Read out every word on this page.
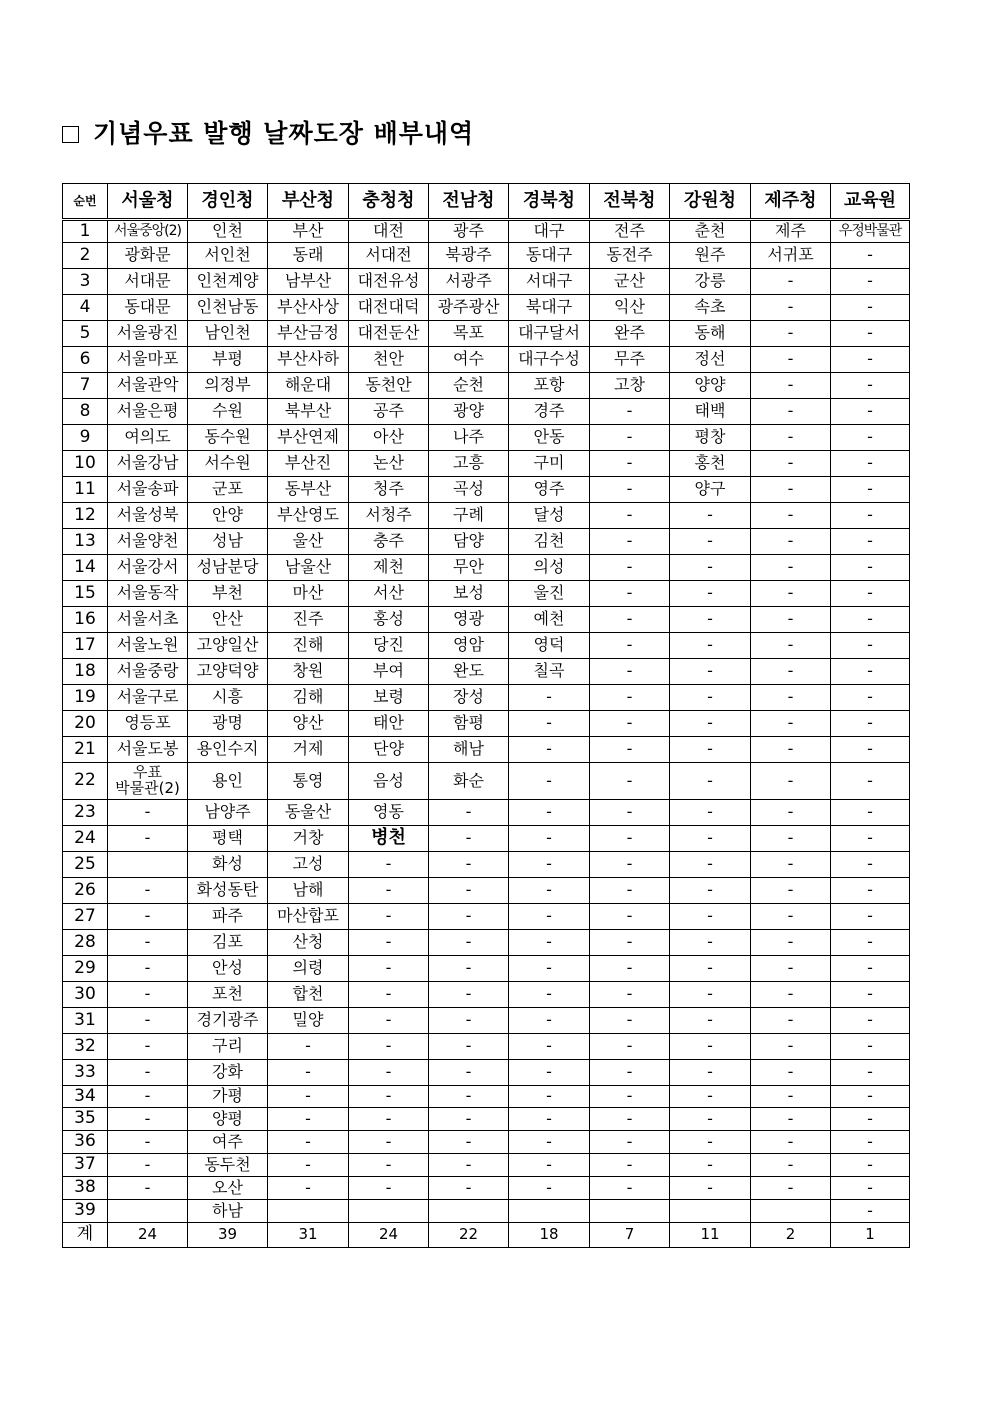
기념우표 발행 날짜도장 배부내역
순번	서울청	경인청	부산청	충청청	전남청	경북청	전북청	강원청	제주청	교육원
1	서울중앙(2)	인천	부산	대전	광주	대구	전주	춘천	제주	우정박물관
2	광화문	서인천	동래	서대전	북광주	동대구	동전주	원주	서귀포	-
3	서대문	인천계양	남부산	대전유성	서광주	서대구	군산	강릉	-	-
4	동대문	인천남동	부산사상	대전대덕	광주광산	북대구	익산	속초	-	-
5	서울광진	남인천	부산금정	대전둔산	목포	대구달서	완주	동해	-	-
6	서울마포	부평	부산사하	천안	여수	대구수성	무주	정선	-	-
7	서울관악	의정부	해운대	동천안	순천	포항	고창	양양	-	-
8	서울은평	수원	북부산	공주	광양	경주	-	태백	-	-
9	여의도	동수원	부산연제	아산	나주	안동	-	평창	-	-
10	서울강남	서수원	부산진	논산	고흥	구미	-	홍천	-	-
11	서울송파	군포	동부산	청주	곡성	영주	-	양구	-	-
12	서울성북	안양	부산영도	서청주	구례	달성	-	-	-	-
13	서울양천	성남	울산	충주	담양	김천	-	-	-	-
14	서울강서	성남분당	남울산	제천	무안	의성	-	-	-	-
15	서울동작	부천	마산	서산	보성	울진	-	-	-	-
16	서울서초	안산	진주	홍성	영광	예천	-	-	-	-
17	서울노원	고양일산	진해	당진	영암	영덕	-	-	-	-
18	서울중랑	고양덕양	창원	부여	완도	칠곡	-	-	-	-
19	서울구로	시흥	김해	보령	장성	-	-	-	-	-
20	영등포	광명	양산	태안	함평	-	-	-	-	-
21	서울도봉	용인수지	거제	단양	해남	-	-	-	-	-
22	우표
박물관(2)	용인	통영	음성	화순	-	-	-	-	-
23	-	남양주	동울산	영동	-	-	-	-	-	-
24	-	평택	거창	병천	-	-	-	-	-	-
25		화성	고성	-	-	-	-	-	-	-
26	-	화성동탄	남해	-	-	-	-	-	-	-
27	-	파주	마산합포	-	-	-	-	-	-	-
28	-	김포	산청	-	-	-	-	-	-	-
29	-	안성	의령	-	-	-	-	-	-	-
30	-	포천	합천	-	-	-	-	-	-	-
31	-	경기광주	밀양	-	-	-	-	-	-	-
32	-	구리	-	-	-	-	-	-	-	-
33	-	강화	-	-	-	-	-	-	-	-
34	-	가평	-	-	-	-	-	-	-	-
35	-	양평	-	-	-	-	-	-	-	-
36	-	여주	-	-	-	-	-	-	-	-
37	-	동두천	-	-	-	-	-	-	-	-
38	-	오산	-	-	-	-	-	-	-	-
39		하남								-
계	24	39	31	24	22	18	7	11	2	1
